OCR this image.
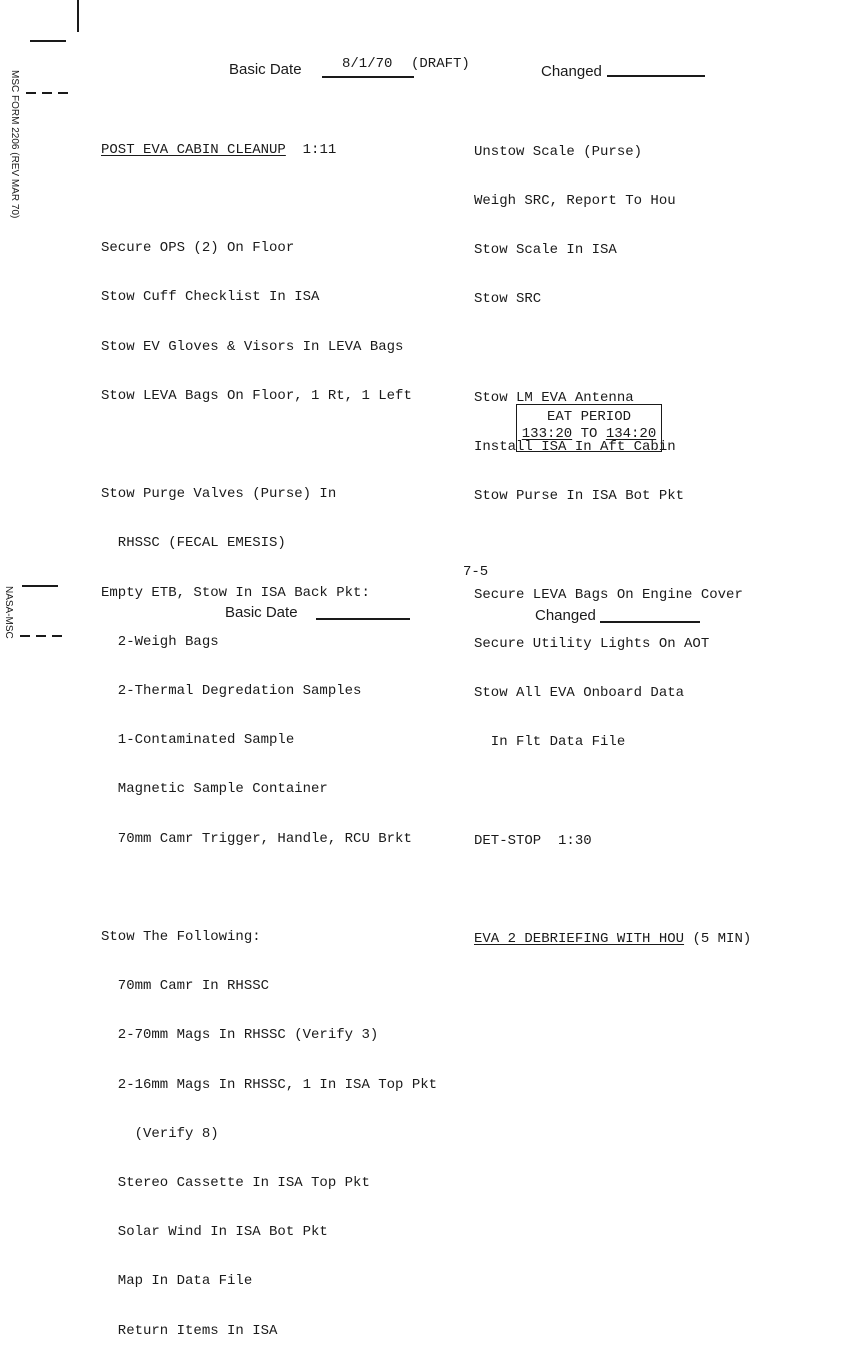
MSC FORM 2206 (REV MAR 70)
NASA-MSC
Basic Date	8/1/70 (DRAFT)	Changed

POST EVA CABIN CLEANUP 1:11

Secure OPS (2) On Floor

Stow Cuff Checklist In ISA

Stow EV Gloves & Visors In LEVA Bags

Stow LEVA Bags On Floor, 1 Rt, 1 Left

Stow Purge Valves (Purse) In

RHSSC (FECAL EMESIS)

Empty ETB, Stow In ISA Back Pkt:

2-Weigh Bags

2-Thermal Degredation Samples

1-Contaminated Sample

Magnetic Sample Container

70mm Camr Trigger, Handle, RCU Brkt

Stow The Following:

70mm Camr In RHSSC

2-70mm Mags In RHSSC (Verify 3)

2-16mm Mags In RHSSC, 1 In ISA Top Pkt

(Verify 8)

Stereo Cassette In ISA Top Pkt

Solar Wind In ISA Bot Pkt

Map In Data File

Return Items In ISA

Unstow Scale (Purse)

Weigh SRC, Report To Hou

Stow Scale In ISA

Stow SRC

Stow LM EVA Antenna

Install ISA In Aft Cabin

Stow Purse In ISA Bot Pkt

Secure LEVA Bags On Engine Cover

Secure Utility Lights On AOT

Stow All EVA Onboard Data

In Flt Data File

DET-STOP  1:30

EVA 2 DEBRIEFING WITH HOU (5 MIN)

EAT PERIOD
133:20 TO 134:20
7-5
Basic Date	Changed
